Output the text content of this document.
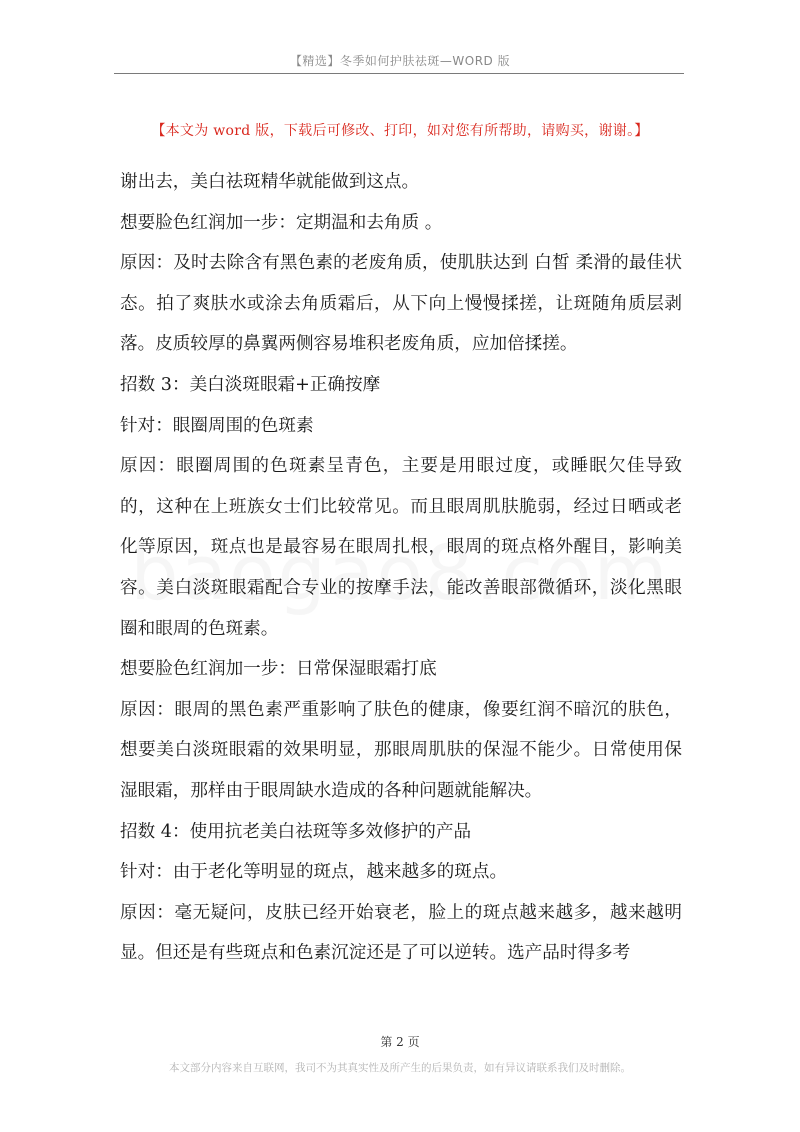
【精选】冬季如何护肤祛斑—WORD 版
【本文为 word 版，下载后可修改、打印，如对您有所帮助，请购买，谢谢。】

谢出去，美白祛斑精华就能做到这点。

想要脸色红润加一步：定期温和去角质 。

原因：及时去除含有黑色素的老废角质，使肌肤达到 白皙 柔滑的最佳状态。拍了爽肤水或涂去角质霜后，从下向上慢慢揉搓，让斑随角质层剥落。皮质较厚的鼻翼两侧容易堆积老废角质，应加倍揉搓。

招数 3：美白淡斑眼霜+正确按摩

针对：眼圈周围的色斑素

原因：眼圈周围的色斑素呈青色，主要是用眼过度，或睡眠欠佳导致的，这种在上班族女士们比较常见。而且眼周肌肤脆弱，经过日晒或老化等原因，斑点也是最容易在眼周扎根，眼周的斑点格外醒目，影响美容。美白淡斑眼霜配合专业的按摩手法，能改善眼部微循环，淡化黑眼圈和眼周的色斑素。

想要脸色红润加一步：日常保湿眼霜打底

原因：眼周的黑色素严重影响了肤色的健康，像要红润不暗沉的肤色，想要美白淡斑眼霜的效果明显，那眼周肌肤的保湿不能少。日常使用保湿眼霜，那样由于眼周缺水造成的各种问题就能解决。

招数 4：使用抗老美白祛斑等多效修护的产品

针对：由于老化等明显的斑点，越来越多的斑点。

原因：毫无疑问，皮肤已经开始衰老，脸上的斑点越来越多，越来越明显。但还是有些斑点和色素沉淀还是了可以逆转。选产品时得多考

第 2 页
本文部分内容来自互联网，我司不为其真实性及所产生的后果负责，如有异议请联系我们及时删除。
